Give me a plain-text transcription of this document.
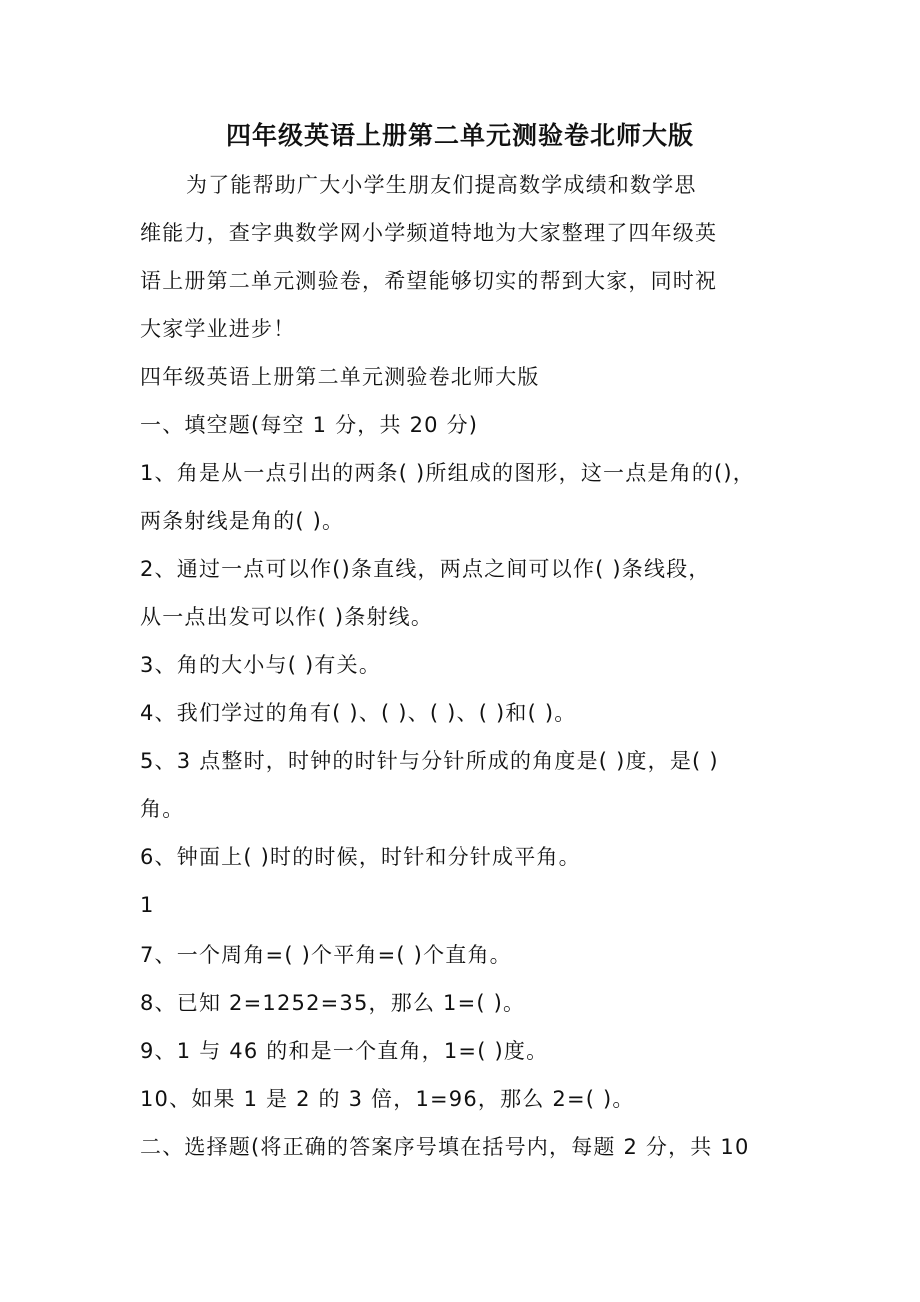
四年级英语上册第二单元测验卷北师大版
为了能帮助广大小学生朋友们提高数学成绩和数学思
维能力，查字典数学网小学频道特地为大家整理了四年级英
语上册第二单元测验卷，希望能够切实的帮到大家，同时祝
大家学业进步！
四年级英语上册第二单元测验卷北师大版
一、填空题(每空 1 分，共 20 分)
1、角是从一点引出的两条( )所组成的图形，这一点是角的()，
两条射线是角的( )。
2、通过一点可以作()条直线，两点之间可以作( )条线段，
从一点出发可以作( )条射线。
3、角的大小与( )有关。
4、我们学过的角有( )、( )、( )、( )和( )。
5、3 点整时，时钟的时针与分针所成的角度是( )度，是( )
角。
6、钟面上( )时的时候，时针和分针成平角。
1
7、一个周角=( )个平角=( )个直角。
8、已知 2=1252=35，那么 1=( )。
9、1 与 46 的和是一个直角，1=( )度。
10、如果 1 是 2 的 3 倍，1=96，那么 2=( )。
二、选择题(将正确的答案序号填在括号内，每题 2 分，共 10
